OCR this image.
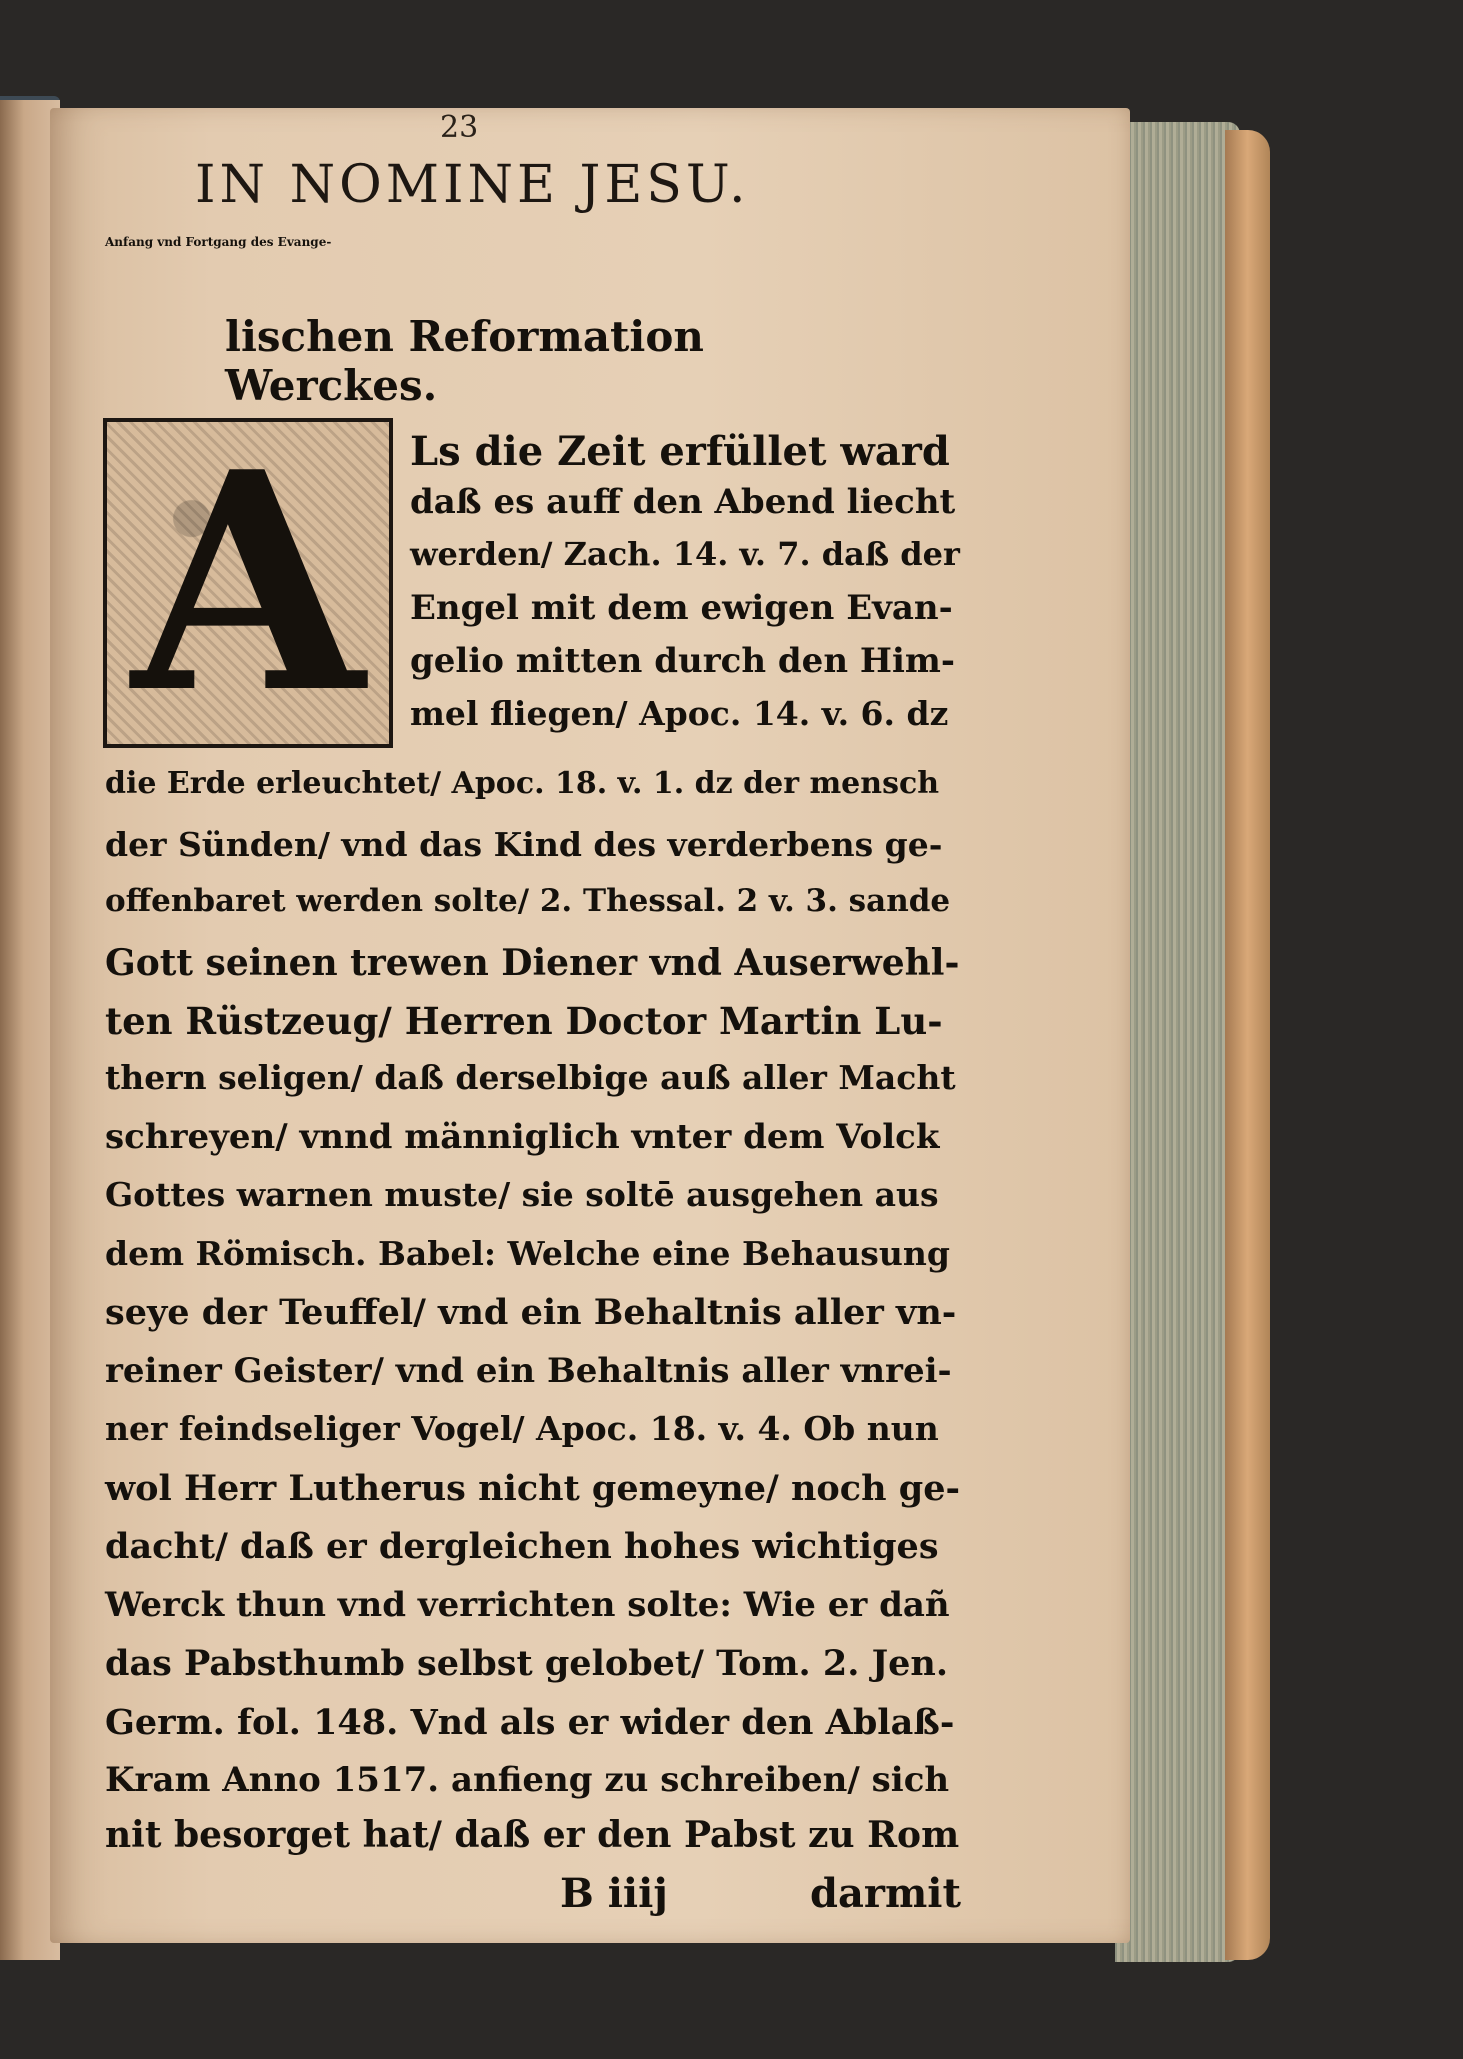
23
IN NOMINE JESU.
Anfang vnd Fortgang des Evange-
lischen Reformation Werckes.
A Ls die Zeit erfüllet ward
daß es auff den Abend liecht
werden/ Zach. 14. v. 7. daß der
Engel mit dem ewigen Evan-
gelio mitten durch den Him-
mel fliegen/ Apoc. 14. v. 6. dz
die Erde erleuchtet/ Apoc. 18. v. 1. dz der mensch
der Sünden/ vnd das Kind des verderbens ge-
offenbaret werden solte/ 2. Thessal. 2 v. 3. sande
Gott seinen trewen Diener vnd Auserwehl-
ten Rüstzeug/ Herren Doctor Martin Lu-
thern seligen/ daß derselbige auß aller Macht
schreyen/ vnnd männiglich vnter dem Volck
Gottes warnen muste/ sie soltē ausgehen aus
dem Römisch. Babel: Welche eine Behausung
seye der Teuffel/ vnd ein Behaltnis aller vn-
reiner Geister/ vnd ein Behaltnis aller vnrei-
ner feindseliger Vogel/ Apoc. 18. v. 4. Ob nun
wol Herr Lutherus nicht gemeyne/ noch ge-
dacht/ daß er dergleichen hohes wichtiges
Werck thun vnd verrichten solte: Wie er dañ
das Pabsthumb selbst gelobet/ Tom. 2. Jen.
Germ. fol. 148. Vnd als er wider den Ablaß-
Kram Anno 1517. anfieng zu schreiben/ sich
nit besorget hat/ daß er den Pabst zu Rom
B iiij	darmit
